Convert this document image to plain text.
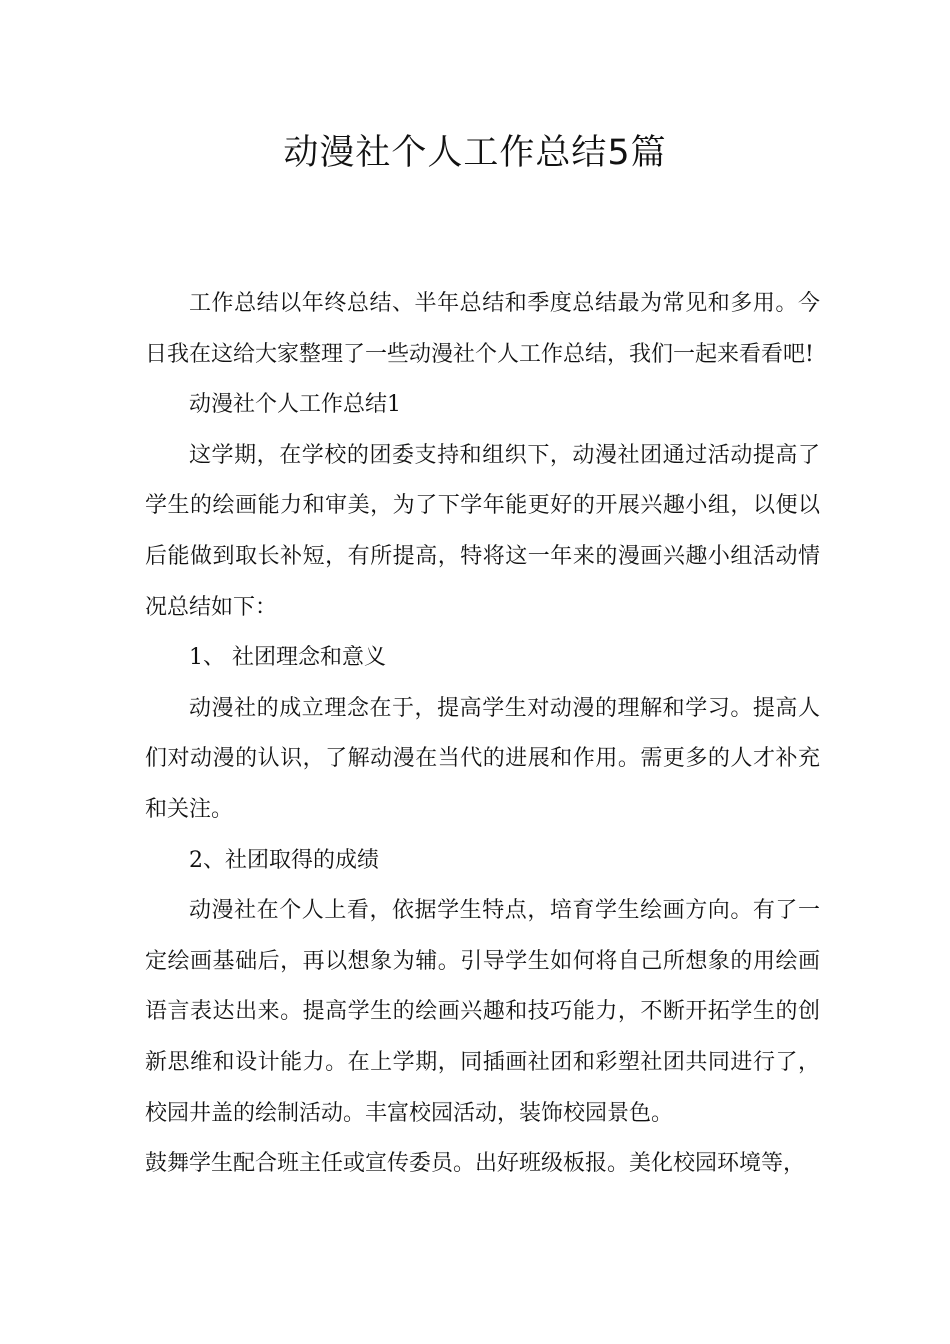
动漫社个人工作总结5篇

工作总结以年终总结、半年总结和季度总结最为常见和多用。今日我在这给大家整理了一些动漫社个人工作总结，我们一起来看看吧!

动漫社个人工作总结1

这学期，在学校的团委支持和组织下，动漫社团通过活动提高了学生的绘画能力和审美，为了下学年能更好的开展兴趣小组，以便以后能做到取长补短，有所提高，特将这一年来的漫画兴趣小组活动情况总结如下：

1、 社团理念和意义

动漫社的成立理念在于，提高学生对动漫的理解和学习。提高人们对动漫的认识，了解动漫在当代的进展和作用。需更多的人才补充和关注。

2、社团取得的成绩

动漫社在个人上看，依据学生特点，培育学生绘画方向。有了一定绘画基础后，再以想象为辅。引导学生如何将自己所想象的用绘画语言表达出来。提高学生的绘画兴趣和技巧能力，不断开拓学生的创新思维和设计能力。在上学期，同插画社团和彩塑社团共同进行了，校园井盖的绘制活动。丰富校园活动，装饰校园景色。

鼓舞学生配合班主任或宣传委员。出好班级板报。美化校园环境等，
